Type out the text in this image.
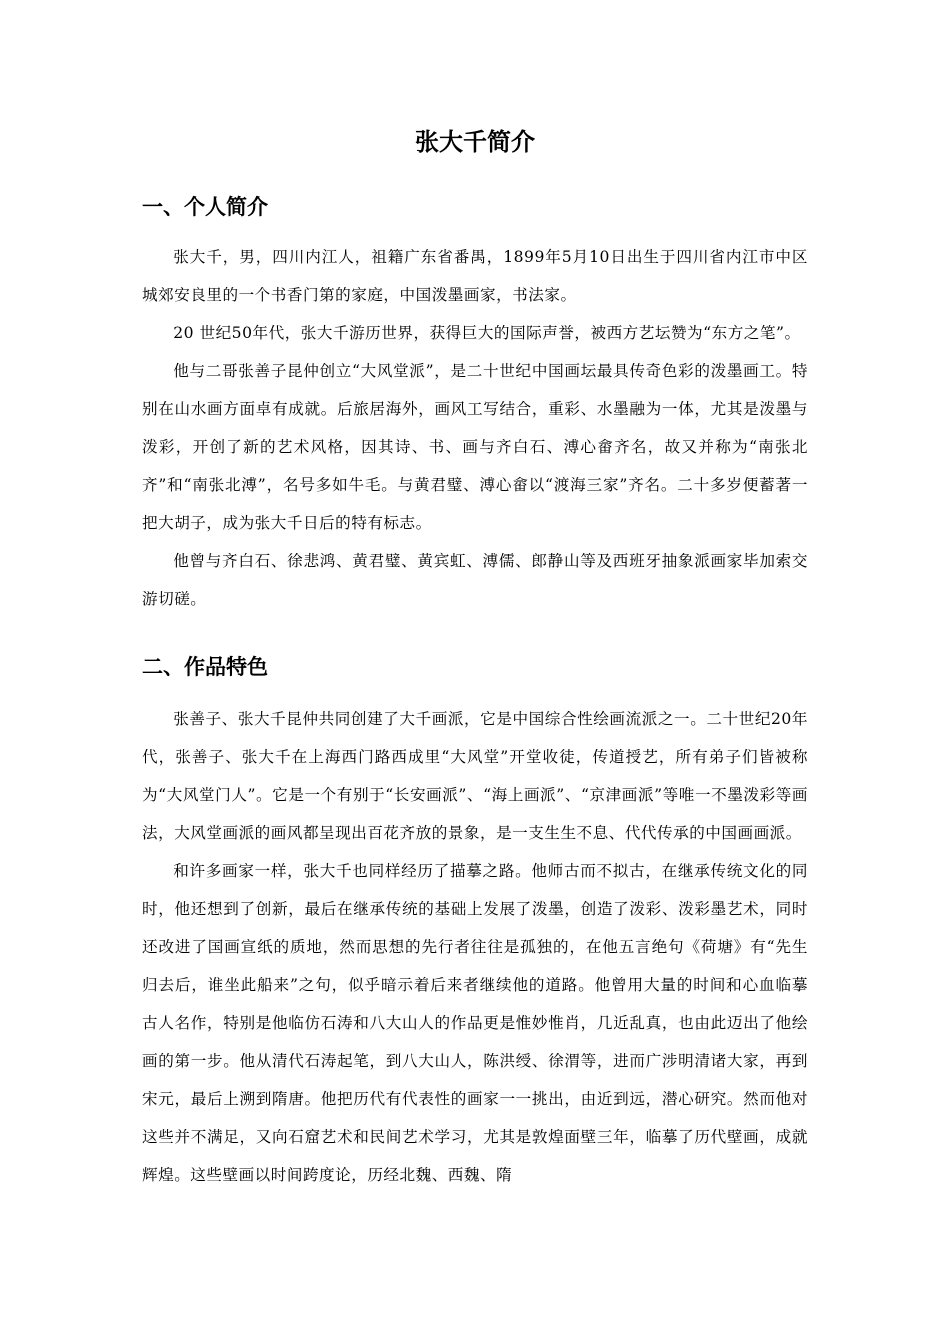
张大千简介
一、个人简介

张大千，男，四川内江人，祖籍广东省番禺，1899年5月10日出生于四川省内江市中区城郊安良里的一个书香门第的家庭，中国泼墨画家，书法家。

20 世纪50年代，张大千游历世界，获得巨大的国际声誉，被西方艺坛赞为“东方之笔”。

他与二哥张善子昆仲创立“大风堂派”，是二十世纪中国画坛最具传奇色彩的泼墨画工。特别在山水画方面卓有成就。后旅居海外，画风工写结合，重彩、水墨融为一体，尤其是泼墨与泼彩，开创了新的艺术风格，因其诗、书、画与齐白石、溥心畲齐名，故又并称为“南张北齐”和“南张北溥”，名号多如牛毛。与黄君璧、溥心畲以“渡海三家”齐名。二十多岁便蓄著一把大胡子，成为张大千日后的特有标志。

他曾与齐白石、徐悲鸿、黄君璧、黄宾虹、溥儒、郎静山等及西班牙抽象派画家毕加索交游切磋。

二、作品特色

张善子、张大千昆仲共同创建了大千画派，它是中国综合性绘画流派之一。二十世纪20年代，张善子、张大千在上海西门路西成里“大风堂”开堂收徒，传道授艺，所有弟子们皆被称为“大风堂门人”。它是一个有别于“长安画派”、“海上画派”、“京津画派”等唯一不墨泼彩等画法，大风堂画派的画风都呈现出百花齐放的景象，是一支生生不息、代代传承的中国画画派。

和许多画家一样，张大千也同样经历了描摹之路。他师古而不拟古，在继承传统文化的同时，他还想到了创新，最后在继承传统的基础上发展了泼墨，创造了泼彩、泼彩墨艺术，同时还改进了国画宣纸的质地，然而思想的先行者往往是孤独的，在他五言绝句《荷塘》有“先生归去后，谁坐此船来”之句，似乎暗示着后来者继续他的道路。他曾用大量的时间和心血临摹古人名作，特别是他临仿石涛和八大山人的作品更是惟妙惟肖，几近乱真，也由此迈出了他绘画的第一步。他从清代石涛起笔，到八大山人，陈洪绶、徐渭等，进而广涉明清诸大家，再到宋元，最后上溯到隋唐。他把历代有代表性的画家一一挑出，由近到远，潜心研究。然而他对这些并不满足，又向石窟艺术和民间艺术学习，尤其是敦煌面壁三年，临摹了历代壁画，成就辉煌。这些壁画以时间跨度论，历经北魏、西魏、隋
